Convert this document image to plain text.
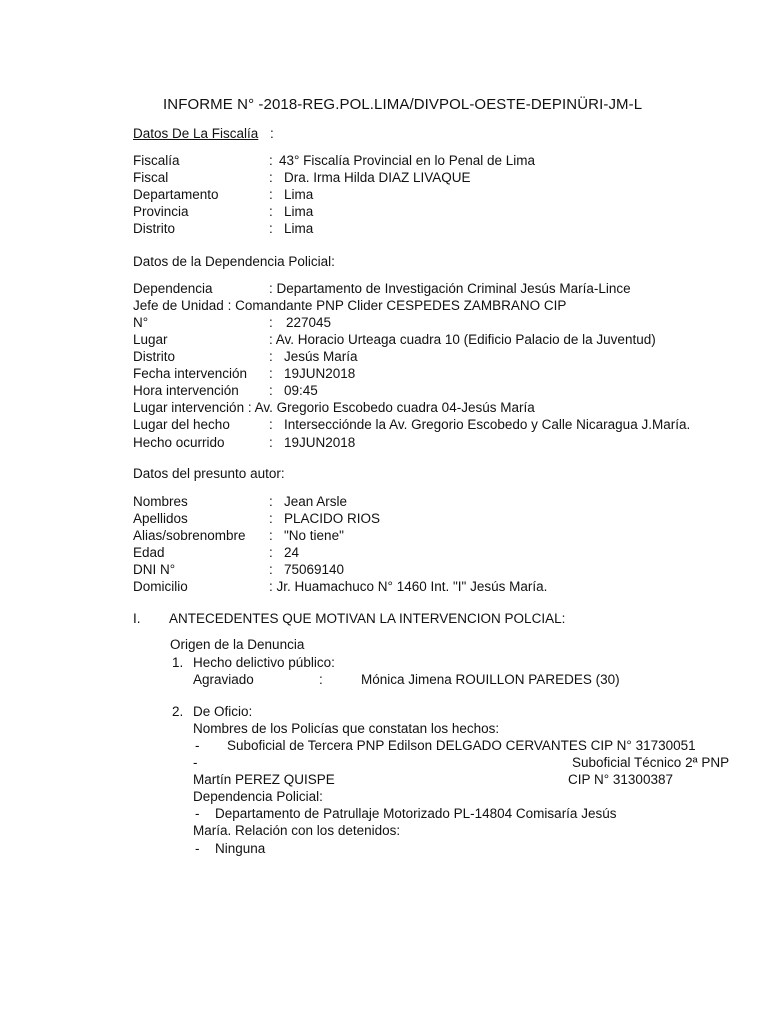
INFORME N° -2018-REG.POL.LIMA/DIVPOL-OESTE-DEPINÜRI-JM-L
Datos De La Fiscalía :
Fiscalía	: 43° Fiscalía Provincial en lo Penal de Lima
Fiscal	: Dra. Irma Hilda DIAZ LIVAQUE
Departamento	: Lima
Provincia	: Lima
Distrito	: Lima
Datos de la Dependencia Policial:
Dependencia	: Departamento de Investigación Criminal Jesús María-Lince
Jefe de Unidad : Comandante PNP Clider CESPEDES ZAMBRANO CIP
N°	: 227045
Lugar	: Av. Horacio Urteaga cuadra 10 (Edificio Palacio de la Juventud)
Distrito	: Jesús María
Fecha intervención : 19JUN2018
Hora intervención : 09:45
Lugar intervención : Av. Gregorio Escobedo cuadra 04-Jesús María
Lugar del hecho	: Intersecciónde la Av. Gregorio Escobedo y Calle Nicaragua J.María.
Hecho ocurrido	: 19JUN2018
Datos del presunto autor:
Nombres	: Jean Arsle
Apellidos	: PLACIDO RIOS
Alias/sobrenombre : "No tiene"
Edad	: 24
DNI N°	: 75069140
Domicilio	: Jr. Huamachuco N° 1460 Int. "I" Jesús María.
I. ANTECEDENTES QUE MOTIVAN LA INTERVENCION POLCIAL:
Origen de la Denuncia
1. Hecho delictivo público:
Agraviado	:	Mónica Jimena ROUILLON PAREDES (30)
2. De Oficio:
Nombres de los Policías que constatan los hechos:
- Suboficial de Tercera PNP Edilson DELGADO CERVANTES CIP N° 31730051
-	Suboficial Técnico 2ª PNP
Martín PEREZ QUISPE	CIP N° 31300387
Dependencia Policial:
- Departamento de Patrullaje Motorizado PL-14804 Comisaría Jesús
María. Relación con los detenidos:
- Ninguna
